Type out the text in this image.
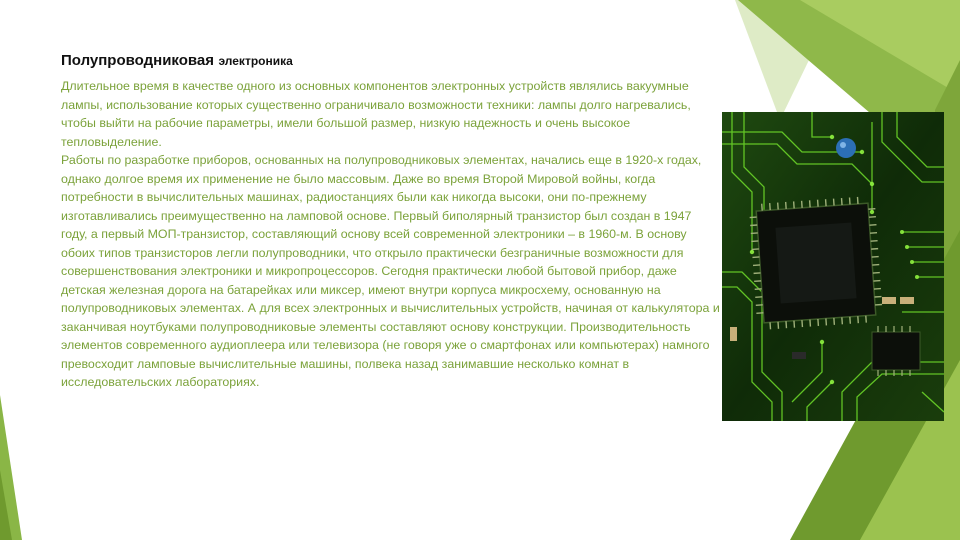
Полупроводниковая электроника

Длительное время в качестве одного из основных компонентов электронных устройств являлись вакуумные лампы, использование которых существенно ограничивало возможности техники: лампы долго нагревались, чтобы выйти на рабочие параметры, имели большой размер, низкую надежность и очень высокое тепловыделение.

Работы по разработке приборов, основанных на полупроводниковых элементах, начались еще в 1920-х годах, однако долгое время их применение не было массовым. Даже во время Второй Мировой войны, когда потребности в вычислительных машинах, радиостанциях были как никогда высоки, они по-прежнему изготавливались преимущественно на ламповой основе. Первый биполярный транзистор был создан в 1947 году, а первый МОП-транзистор, составляющий основу всей современной электроники – в 1960-м. В основу обоих типов транзисторов легли полупроводники, что открыло практически безграничные возможности для совершенствования электроники и микропроцессоров. Сегодня практически любой бытовой прибор, даже детская железная дорога на батарейках или миксер, имеют внутри корпуса микросхему, основанную на полупроводниковых элементах. А для всех электронных и вычислительных устройств, начиная от калькулятора и заканчивая ноутбуками полупроводниковые элементы составляют основу конструкции. Производительность элементов современного аудиоплеера или телевизора (не говоря уже о смартфонах или компьютерах) намного превосходит ламповые вычислительные машины, полвека назад занимавшие несколько комнат в исследовательских лабораториях.
